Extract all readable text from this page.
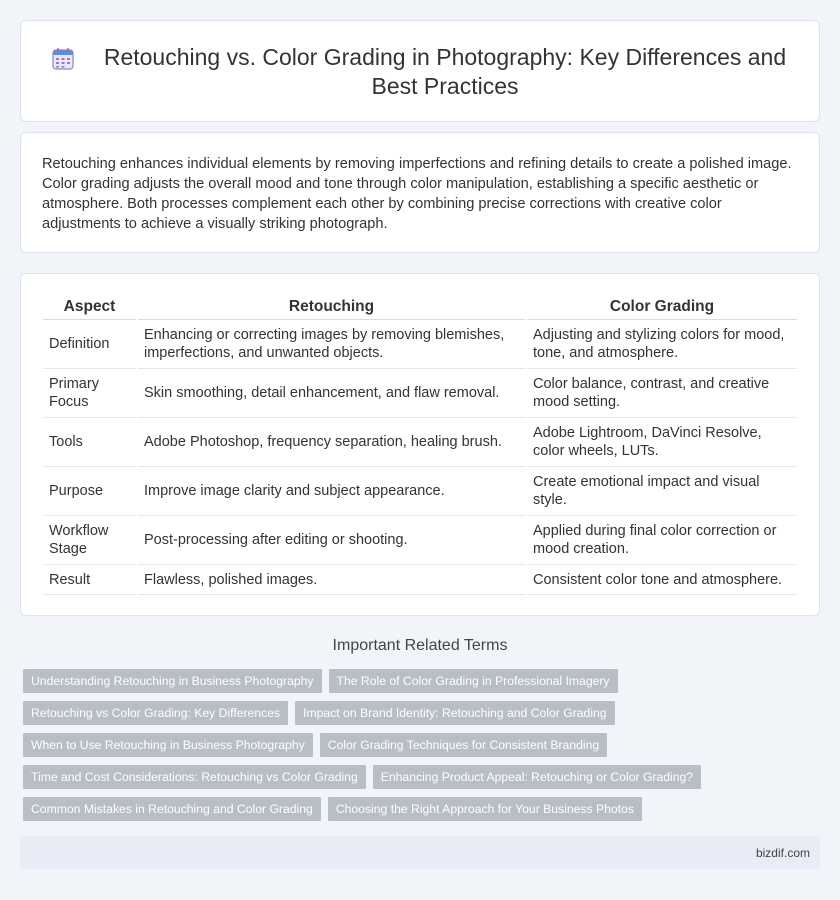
Retouching vs. Color Grading in Photography: Key Differences and Best Practices

Retouching enhances individual elements by removing imperfections and refining details to create a polished image. Color grading adjusts the overall mood and tone through color manipulation, establishing a specific aesthetic or atmosphere. Both processes complement each other by combining precise corrections with creative color adjustments to achieve a visually striking photograph.

Aspect	Retouching	Color Grading
Definition	Enhancing or correcting images by removing blemishes, imperfections, and unwanted objects.	Adjusting and stylizing colors for mood, tone, and atmosphere.
Primary Focus	Skin smoothing, detail enhancement, and flaw removal.	Color balance, contrast, and creative mood setting.
Tools	Adobe Photoshop, frequency separation, healing brush.	Adobe Lightroom, DaVinci Resolve, color wheels, LUTs.
Purpose	Improve image clarity and subject appearance.	Create emotional impact and visual style.
Workflow Stage	Post-processing after editing or shooting.	Applied during final color correction or mood creation.
Result	Flawless, polished images.	Consistent color tone and atmosphere.
Important Related Terms
Understanding Retouching in Business Photography	The Role of Color Grading in Professional Imagery
Retouching vs Color Grading: Key Differences	Impact on Brand Identity: Retouching and Color Grading
When to Use Retouching in Business Photography	Color Grading Techniques for Consistent Branding
Time and Cost Considerations: Retouching vs Color Grading	Enhancing Product Appeal: Retouching or Color Grading?
Common Mistakes in Retouching and Color Grading	Choosing the Right Approach for Your Business Photos
bizdif.com
